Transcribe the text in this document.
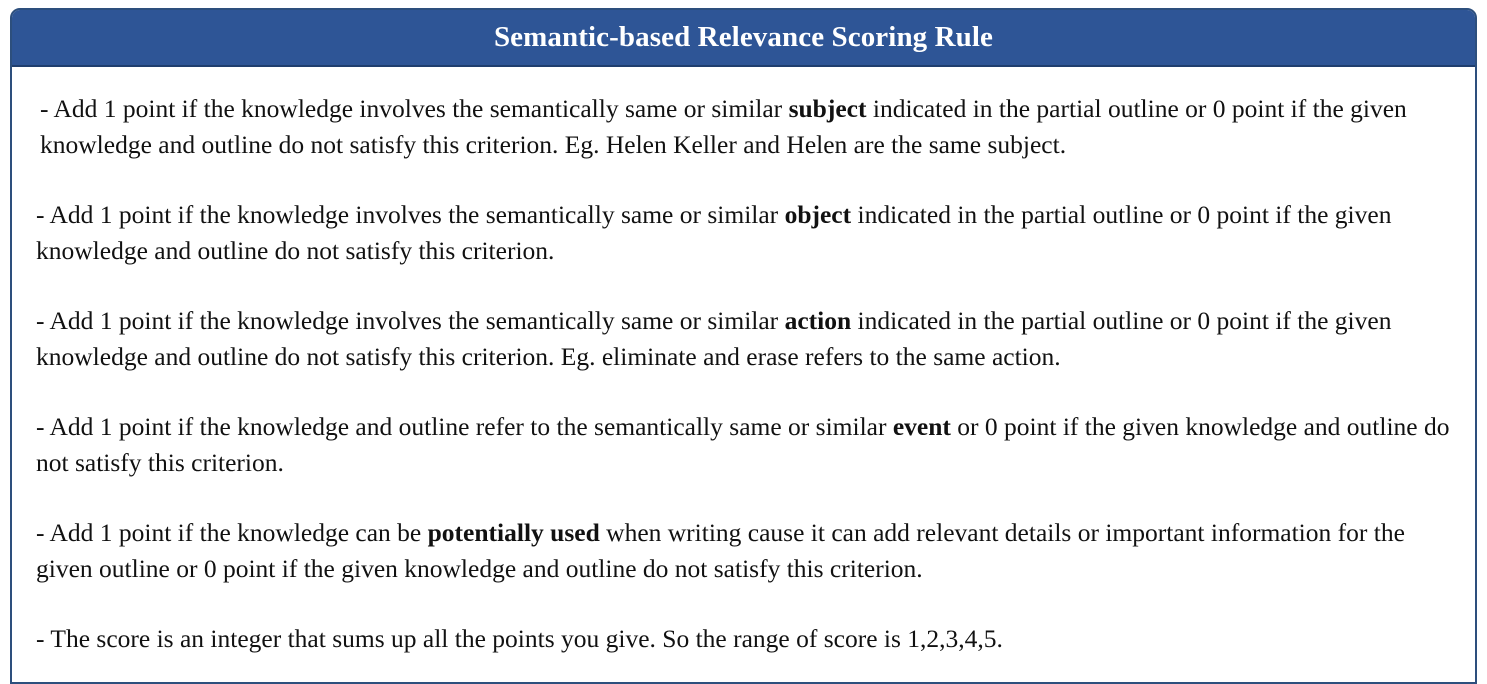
Semantic-based Relevance Scoring Rule

- Add 1 point if the knowledge involves the semantically same or similar subject indicated in the partial outline or 0 point if the given knowledge and outline do not satisfy this criterion. Eg. Helen Keller and Helen are the same subject.

- Add 1 point if the knowledge involves the semantically same or similar object indicated in the partial outline or 0 point if the given knowledge and outline do not satisfy this criterion.

- Add 1 point if the knowledge involves the semantically same or similar action indicated in the partial outline or 0 point if the given knowledge and outline do not satisfy this criterion. Eg. eliminate and erase refers to the same action.

- Add 1 point if the knowledge and outline refer to the semantically same or similar event or 0 point if the given knowledge and outline do not satisfy this criterion.

- Add 1 point if the knowledge can be potentially used when writing cause it can add relevant details or important information for the given outline or 0 point if the given knowledge and outline do not satisfy this criterion.

- The score is an integer that sums up all the points you give. So the range of score is 1,2,3,4,5.
